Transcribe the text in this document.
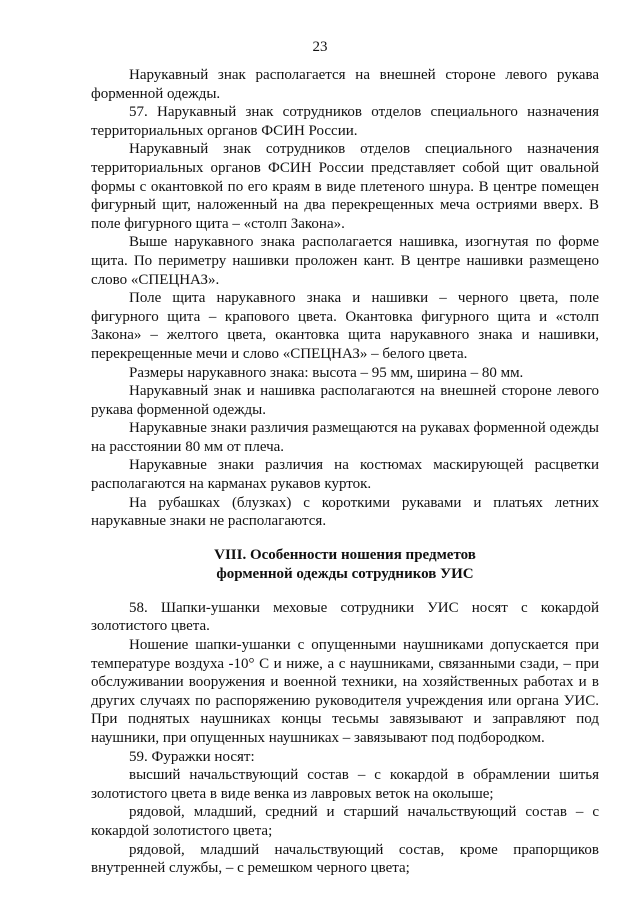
23

Нарукавный знак располагается на внешней стороне левого рукава форменной одежды.

57. Нарукавный знак сотрудников отделов специального назначения территориальных органов ФСИН России.

Нарукавный знак сотрудников отделов специального назначения территориальных органов ФСИН России представляет собой щит овальной формы с окантовкой по его краям в виде плетеного шнура. В центре помещен фигурный щит, наложенный на два перекрещенных меча остриями вверх. В поле фигурного щита – «столп Закона».

Выше нарукавного знака располагается нашивка, изогнутая по форме щита. По периметру нашивки проложен кант. В центре нашивки размещено слово «СПЕЦНАЗ».

Поле щита нарукавного знака и нашивки – черного цвета, поле фигурного щита – крапового цвета. Окантовка фигурного щита и «столп Закона» – желтого цвета, окантовка щита нарукавного знака и нашивки, перекрещенные мечи и слово «СПЕЦНАЗ» – белого цвета.

Размеры нарукавного знака: высота – 95 мм, ширина – 80 мм.

Нарукавный знак и нашивка располагаются на внешней стороне левого рукава форменной одежды.

Нарукавные знаки различия размещаются на рукавах форменной одежды на расстоянии 80 мм от плеча.

Нарукавные знаки различия на костюмах маскирующей расцветки располагаются на карманах рукавов курток.

На рубашках (блузках) с короткими рукавами и платьях летних нарукавные знаки не располагаются.

VIII. Особенности ношения предметов
форменной одежды сотрудников УИС

58. Шапки-ушанки меховые сотрудники УИС носят с кокардой золотистого цвета.

Ношение шапки-ушанки с опущенными наушниками допускается при температуре воздуха -10° С и ниже, а с наушниками, связанными сзади, – при обслуживании вооружения и военной техники, на хозяйственных работах и в других случаях по распоряжению руководителя учреждения или органа УИС. При поднятых наушниках концы тесьмы завязывают и заправляют под наушники, при опущенных наушниках – завязывают под подбородком.

59. Фуражки носят:

высший начальствующий состав – с кокардой в обрамлении шитья золотистого цвета в виде венка из лавровых веток на околыше;

рядовой, младший, средний и старший начальствующий состав – с кокардой золотистого цвета;

рядовой, младший начальствующий состав, кроме прапорщиков внутренней службы, – с ремешком черного цвета;
